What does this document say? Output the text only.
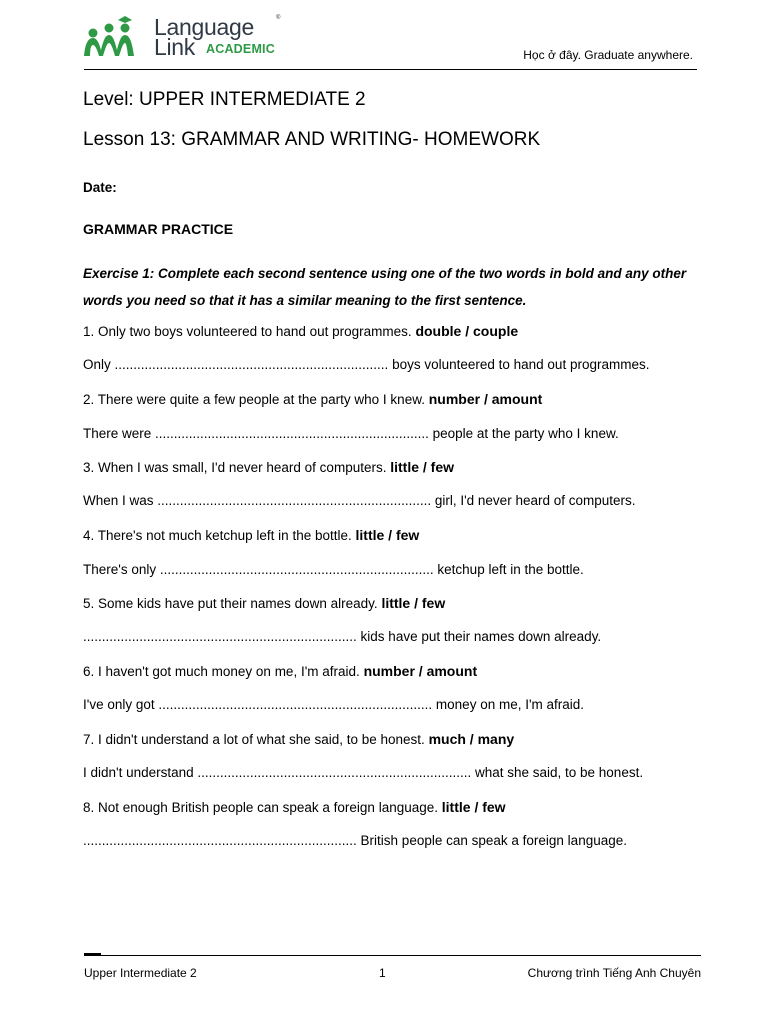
Language	®
Link ACADEMIC	Học ở đây. Graduate anywhere.
Level: UPPER INTERMEDIATE 2
Lesson 13: GRAMMAR AND WRITING- HOMEWORK
Date:
GRAMMAR PRACTICE
Exercise 1: Complete each second sentence using one of the two words in bold and any other words you need so that it has a similar meaning to the first sentence.
1. Only two boys volunteered to hand out programmes. double / couple
Only ......................................................................... boys volunteered to hand out programmes.
2. There were quite a few people at the party who I knew. number / amount
There were ......................................................................... people at the party who I knew.
3. When I was small, I'd never heard of computers. little / few
When I was ......................................................................... girl, I'd never heard of computers.
4. There's not much ketchup left in the bottle. little / few
There's only ......................................................................... ketchup left in the bottle.
5. Some kids have put their names down already. little / few
......................................................................... kids have put their names down already.
6. I haven't got much money on me, I'm afraid. number / amount
I've only got ......................................................................... money on me, I'm afraid.
7. I didn't understand a lot of what she said, to be honest. much / many
I didn't understand ......................................................................... what she said, to be honest.
8. Not enough British people can speak a foreign language. little / few
......................................................................... British people can speak a foreign language.
Upper Intermediate 2	1	Chương trình Tiếng Anh Chuyên
